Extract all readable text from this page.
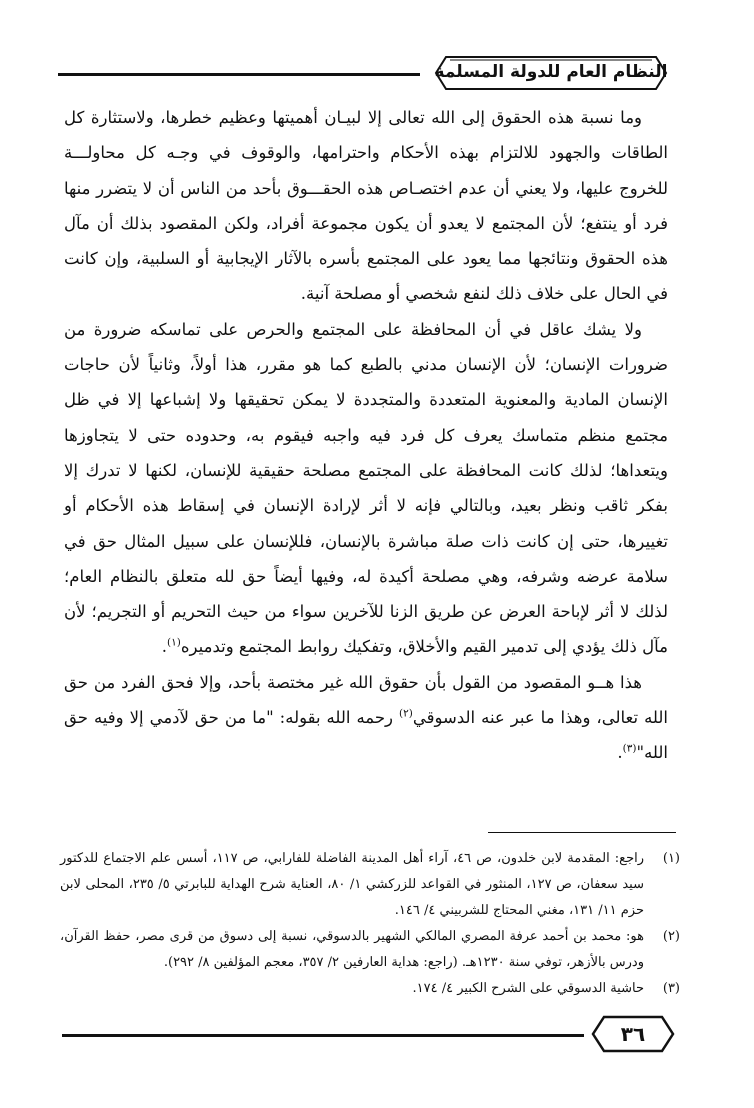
النظام العام للدولة المسلمة

وما نسبة هذه الحقوق إلى الله تعالى إلا لبيـان أهميتها وعظيم خطرها، ولاستثارة كل الطاقات والجهود للالتزام بهذه الأحكام واحترامها، والوقوف في وجـه كل محاولـــة للخروج عليها، ولا يعني أن عدم اختصـاص هذه الحقـــوق بأحد من الناس أن لا يتضرر منها فرد أو ينتفع؛ لأن المجتمع لا يعدو أن يكون مجموعة أفراد، ولكن المقصود بذلك أن مآل هذه الحقوق ونتائجها مما يعود على المجتمع بأسره بالآثار الإيجابية أو السلبية، وإن كانت في الحال على خلاف ذلك لنفع شخصي أو مصلحة آنية.

ولا يشك عاقل في أن المحافظة على المجتمع والحرص على تماسكه ضرورة من ضرورات الإنسان؛ لأن الإنسان مدني بالطبع كما هو مقرر، هذا أولاً، وثانياً لأن حاجات الإنسان المادية والمعنوية المتعددة والمتجددة لا يمكن تحقيقها ولا إشباعها إلا في ظل مجتمع منظم متماسك يعرف كل فرد فيه واجبه فيقوم به، وحدوده حتى لا يتجاوزها ويتعداها؛ لذلك كانت المحافظة على المجتمع مصلحة حقيقية للإنسان، لكنها لا تدرك إلا بفكر ثاقب ونظر بعيد، وبالتالي فإنه لا أثر لإرادة الإنسان في إسقاط هذه الأحكام أو تغييرها، حتى إن كانت ذات صلة مباشرة بالإنسان، فللإنسان على سبيل المثال حق في سلامة عرضه وشرفه، وهي مصلحة أكيدة له، وفيها أيضاً حق لله متعلق بالنظام العام؛ لذلك لا أثر لإباحة العرض عن طريق الزنا للآخرين سواء من حيث التحريم أو التجريم؛ لأن مآل ذلك يؤدي إلى تدمير القيم والأخلاق، وتفكيك روابط المجتمع وتدميره$^{(١)}$.

هذا هــو المقصود من القول بأن حقوق الله غير مختصة بأحد، وإلا فحق الفرد من حق الله تعالى، وهذا ما عبر عنه الدسوقي$^{(٢)}$ رحمه الله بقوله: "ما من حق لآدمي إلا وفيه حق الله"$^{(٣)}$.

(١)
راجع: المقدمة لابن خلدون، ص ٤٦، آراء أهل المدينة الفاضلة للفارابي، ص ١١٧، أسس علم الاجتماع للدكتور سيد سعفان، ص ١٢٧، المنثور في القواعد للزركشي ١/ ٨٠، العناية شرح الهداية للبابرتي ٥/ ٢٣٥، المحلى لابن حزم ١١/ ١٣١، مغني المحتاج للشربيني ٤/ ١٤٦.
(٢)
هو: محمد بن أحمد عرفة المصري المالكي الشهير بالدسوقي، نسبة إلى دسوق من قرى مصر، حفظ القرآن، ودرس بالأزهر، توفي سنة ١٢٣٠هـ. (راجع: هداية العارفين ٢/ ٣٥٧، معجم المؤلفين ٨/ ٢٩٢).
(٣)
حاشية الدسوقي على الشرح الكبير ٤/ ١٧٤.
٣٦
